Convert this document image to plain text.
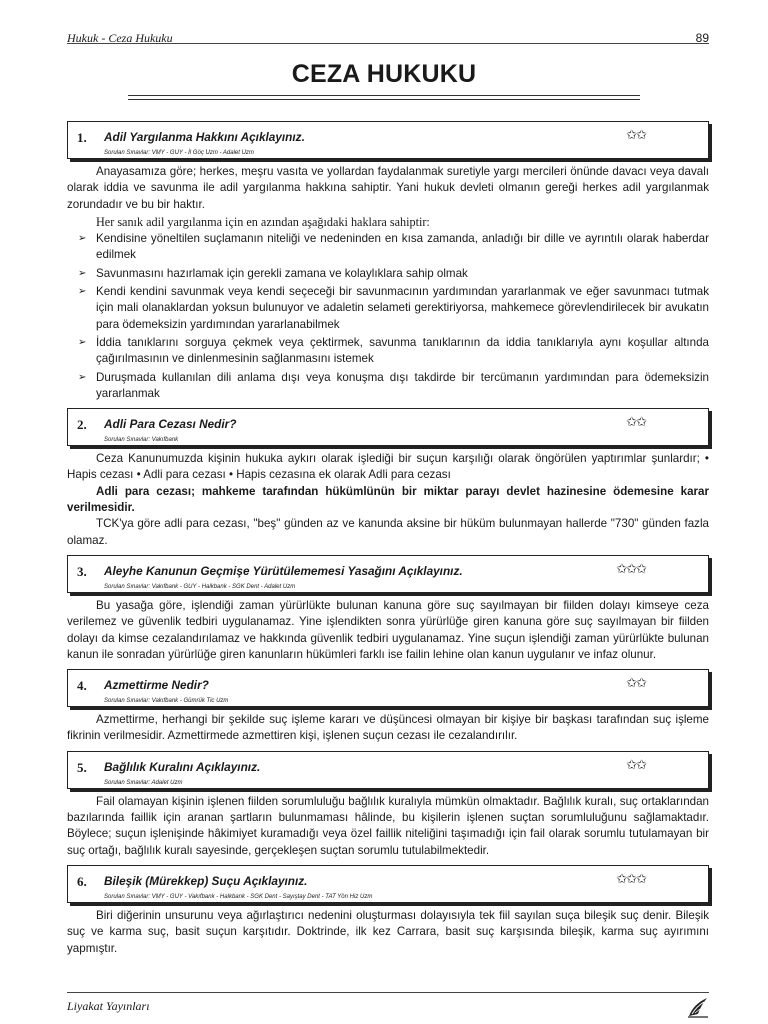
Hukuk - Ceza Hukuku	89
CEZA HUKUKU
1. Adil Yargılanma Hakkını Açıklayınız.
Sorulan Sınavlar: VMY - GUY - İl Göç Uzm - Adalet Uzm
✩✩

Anayasamıza göre; herkes, meşru vasıta ve yollardan faydalanmak suretiyle yargı mercileri önünde davacı veya davalı olarak iddia ve savunma ile adil yargılanma hakkına sahiptir. Yani hukuk devleti olmanın gereği herkes adil yargılanmak zorundadır ve bu bir haktır.

Her sanık adil yargılanma için en azından aşağıdaki haklara sahiptir:

➢ Kendisine yöneltilen suçlamanın niteliği ve nedeninden en kısa zamanda, anladığı bir dille ve ayrıntılı olarak haberdar edilmek
➢ Savunmasını hazırlamak için gerekli zamana ve kolaylıklara sahip olmak
➢ Kendi kendini savunmak veya kendi seçeceği bir savunmacının yardımından yararlanmak ve eğer savunmacı tutmak için mali olanaklardan yoksun bulunuyor ve adaletin selameti gerektiriyorsa, mahkemece görevlendirilecek bir avukatın para ödemeksizin yardımından yararlanabilmek
➢ İddia tanıklarını sorguya çekmek veya çektirmek, savunma tanıklarının da iddia tanıklarıyla aynı koşullar altında çağırılmasının ve dinlenmesinin sağlanmasını istemek
➢ Duruşmada kullanılan dili anlama dışı veya konuşma dışı takdirde bir tercümanın yardımından para ödemeksizin yararlanmak
2. Adli Para Cezası Nedir?
Sorulan Sınavlar: Vakıfbank
✩✩

Ceza Kanunumuzda kişinin hukuka aykırı olarak işlediği bir suçun karşılığı olarak öngörülen yaptırımlar şunlardır; • Hapis cezası • Adli para cezası • Hapis cezasına ek olarak Adli para cezası

Adli para cezası; mahkeme tarafından hükümlünün bir miktar parayı devlet hazinesine ödemesine karar verilmesidir.

TCK'ya göre adli para cezası, "beş" günden az ve kanunda aksine bir hüküm bulunmayan hallerde "730" günden fazla olamaz.

3. Aleyhe Kanunun Geçmişe Yürütülememesi Yasağını Açıklayınız.
Sorulan Sınavlar: Vakıfbank - GUY - Halkbank - SGK Dent - Adalet Uzm
✩✩✩

Bu yasağa göre, işlendiği zaman yürürlükte bulunan kanuna göre suç sayılmayan bir fiilden dolayı kimseye ceza verilemez ve güvenlik tedbiri uygulanamaz. Yine işlendikten sonra yürürlüğe giren kanuna göre suç sayılmayan bir fiilden dolayı da kimse cezalandırılamaz ve hakkında güvenlik tedbiri uygulanamaz. Yine suçun işlendiği zaman yürürlükte bulunan kanun ile sonradan yürürlüğe giren kanunların hükümleri farklı ise failin lehine olan kanun uygulanır ve infaz olunur.

4. Azmettirme Nedir?
Sorulan Sınavlar: Vakıfbank - Gümrük Tic Uzm
✩✩

Azmettirme, herhangi bir şekilde suç işleme kararı ve düşüncesi olmayan bir kişiye bir başkası tarafından suç işleme fikrinin verilmesidir. Azmettirmede azmettiren kişi, işlenen suçun cezası ile cezalandırılır.

5. Bağlılık Kuralını Açıklayınız.
Sorulan Sınavlar: Adalet Uzm
✩✩

Fail olamayan kişinin işlenen fiilden sorumluluğu bağlılık kuralıyla mümkün olmaktadır. Bağlılık kuralı, suç ortaklarından bazılarında faillik için aranan şartların bulunmaması hâlinde, bu kişilerin işlenen suçtan sorumluluğunu sağlamaktadır. Böylece; suçun işlenişinde hâkimiyet kuramadığı veya özel faillik niteliğini taşımadığı için fail olarak sorumlu tutulamayan bir suç ortağı, bağlılık kuralı sayesinde, gerçekleşen suçtan sorumlu tutulabilmektedir.

6. Bileşik (Mürekkep) Suçu Açıklayınız.
Sorulan Sınavlar: VMY - GUY - Vakıfbank - Halkbank - SGK Dent - Sayıştay Dent - TAT Yön Hiz Uzm
✩✩✩

Biri diğerinin unsurunu veya ağırlaştırıcı nedenini oluşturması dolayısıyla tek fiil sayılan suça bileşik suç denir. Bileşik suç ve karma suç, basit suçun karşıtıdır. Doktrinde, ilk kez Carrara, basit suç karşısında bileşik, karma suç ayırımını yapmıştır.

Liyakat Yayınları
